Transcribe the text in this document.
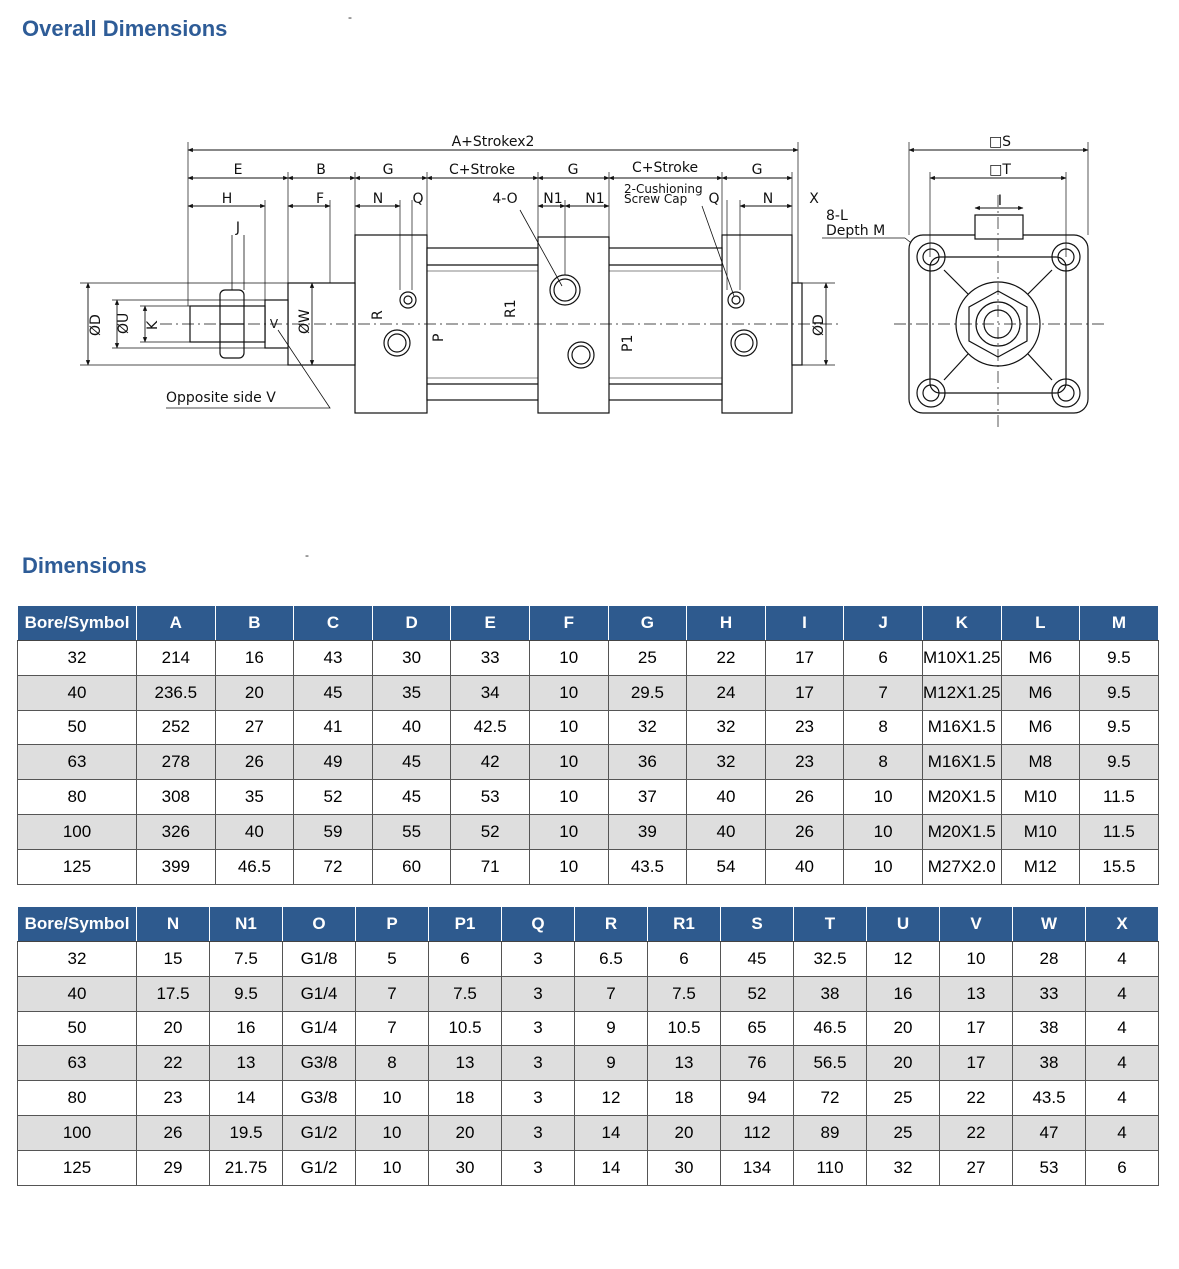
Overall Dimensions	-
A+Strokex2
E	B	G	C+Stroke	G	C+Stroke	G
H	F	N Q	4-O N1 N1
2-Cushioning
Screw Cap Q	N	X
8-L
Depth M
J
□S
□T
I
ØD ØU K	ØW	ØD
R
P
R1
P1
V
Opposite side V
Dimensions	-
Bore/Symbol	A	B	C	D	E	F	G	H	I	J	K	L	M
32	214	16	43	30	33	10	25	22	17	6	M10X1.25	M6	9.5
40	236.5	20	45	35	34	10	29.5	24	17	7	M12X1.25	M6	9.5
50	252	27	41	40	42.5	10	32	32	23	8	M16X1.5	M6	9.5
63	278	26	49	45	42	10	36	32	23	8	M16X1.5	M8	9.5
80	308	35	52	45	53	10	37	40	26	10	M20X1.5	M10	11.5
100	326	40	59	55	52	10	39	40	26	10	M20X1.5	M10	11.5
125	399	46.5	72	60	71	10	43.5	54	40	10	M27X2.0	M12	15.5
Bore/Symbol	N	N1	O	P	P1	Q	R	R1	S	T	U	V	W	X
32	15	7.5	G1/8	5	6	3	6.5	6	45	32.5	12	10	28	4
40	17.5	9.5	G1/4	7	7.5	3	7	7.5	52	38	16	13	33	4
50	20	16	G1/4	7	10.5	3	9	10.5	65	46.5	20	17	38	4
63	22	13	G3/8	8	13	3	9	13	76	56.5	20	17	38	4
80	23	14	G3/8	10	18	3	12	18	94	72	25	22	43.5	4
100	26	19.5	G1/2	10	20	3	14	20	112	89	25	22	47	4
125	29	21.75	G1/2	10	30	3	14	30	134	110	32	27	53	6
